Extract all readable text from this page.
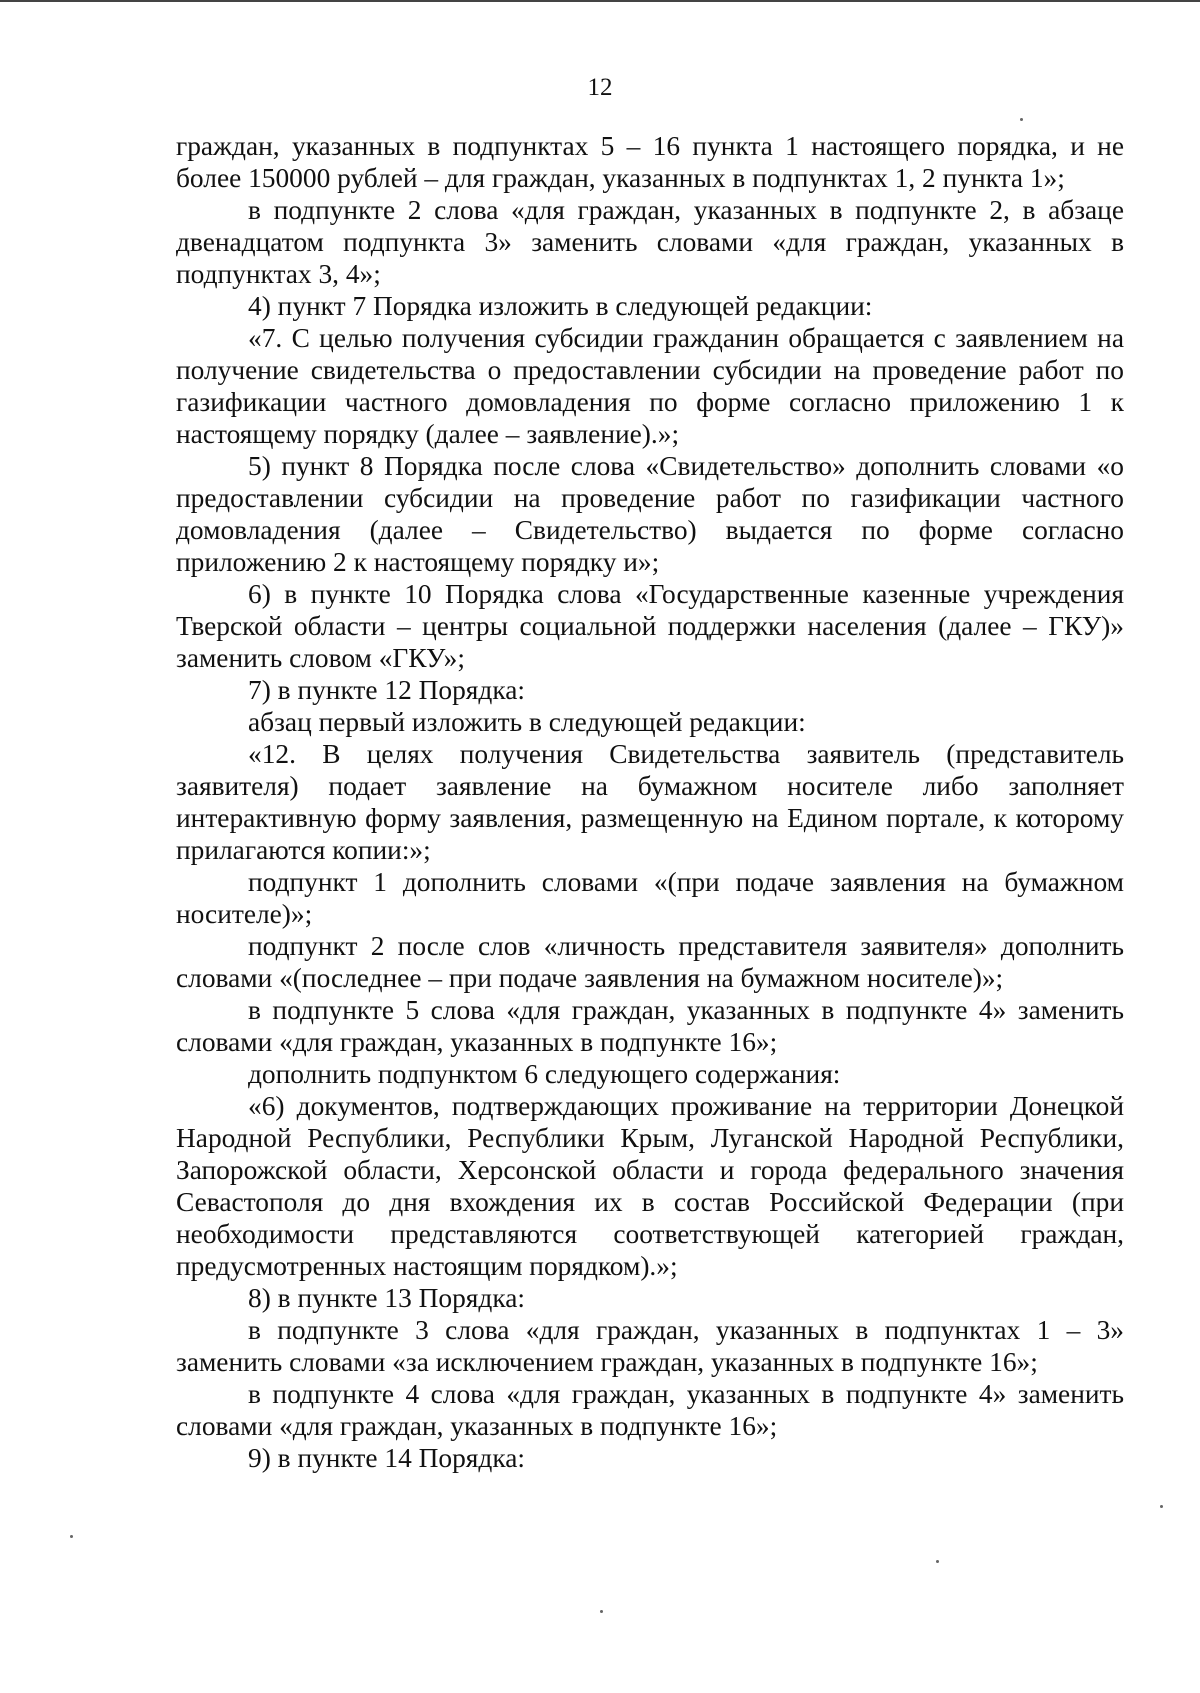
12

граждан, указанных в подпунктах 5 – 16 пункта 1 настоящего порядка, и не более 150000 рублей – для граждан, указанных в подпунктах 1, 2 пункта 1»;

в подпункте 2 слова «для граждан, указанных в подпункте 2, в абзаце двенадцатом подпункта 3» заменить словами «для граждан, указанных в подпунктах 3, 4»;

4) пункт 7 Порядка изложить в следующей редакции:

«7. С целью получения субсидии гражданин обращается с заявлением на получение свидетельства о предоставлении субсидии на проведение работ по газификации частного домовладения по форме согласно приложению 1 к настоящему порядку (далее – заявление).»;

5) пункт 8 Порядка после слова «Свидетельство» дополнить словами «о предоставлении субсидии на проведение работ по газификации частного домовладения (далее – Свидетельство) выдается по форме согласно приложению 2 к настоящему порядку и»;

6) в пункте 10 Порядка слова «Государственные казенные учреждения Тверской области – центры социальной поддержки населения (далее – ГКУ)» заменить словом «ГКУ»;

7) в пункте 12 Порядка:

абзац первый изложить в следующей редакции:

«12. В целях получения Свидетельства заявитель (представитель заявителя) подает заявление на бумажном носителе либо заполняет интерактивную форму заявления, размещенную на Едином портале, к которому прилагаются копии:»;

подпункт 1 дополнить словами «(при подаче заявления на бумажном носителе)»;

подпункт 2 после слов «личность представителя заявителя» дополнить словами «(последнее – при подаче заявления на бумажном носителе)»;

в подпункте 5 слова «для граждан, указанных в подпункте 4» заменить словами «для граждан, указанных в подпункте 16»;

дополнить подпунктом 6 следующего содержания:

«6) документов, подтверждающих проживание на территории Донецкой Народной Республики, Республики Крым, Луганской Народной Республики, Запорожской области, Херсонской области и города федерального значения Севастополя до дня вхождения их в состав Российской Федерации (при необходимости представляются соответствующей категорией граждан, предусмотренных настоящим порядком).»;

8) в пункте 13 Порядка:

в подпункте 3 слова «для граждан, указанных в подпунктах 1 – 3» заменить словами «за исключением граждан, указанных в подпункте 16»;

в подпункте 4 слова «для граждан, указанных в подпункте 4» заменить словами «для граждан, указанных в подпункте 16»;

9) в пункте 14 Порядка:
